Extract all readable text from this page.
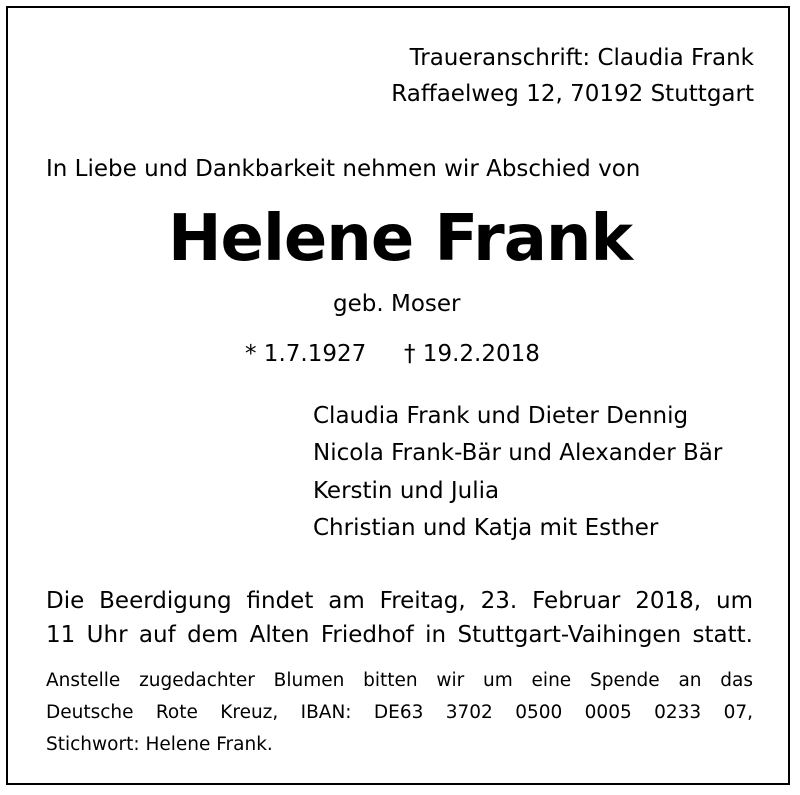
Traueranschrift: Claudia Frank
Raffaelweg 12, 70192 Stuttgart
In Liebe und Dankbarkeit nehmen wir Abschied von
Helene Frank
geb. Moser
* 1.7.1927 † 19.2.2018
Claudia Frank und Dieter Dennig
Nicola Frank-Bär und Alexander Bär
Kerstin und Julia
Christian und Katja mit Esther
Die Beerdigung findet am Freitag, 23. Februar 2018, um
11 Uhr auf dem Alten Friedhof in Stuttgart-Vaihingen statt.
Anstelle zugedachter Blumen bitten wir um eine Spende an das
Deutsche Rote Kreuz, IBAN: DE63 3702 0500 0005 0233 07,
Stichwort: Helene Frank.
